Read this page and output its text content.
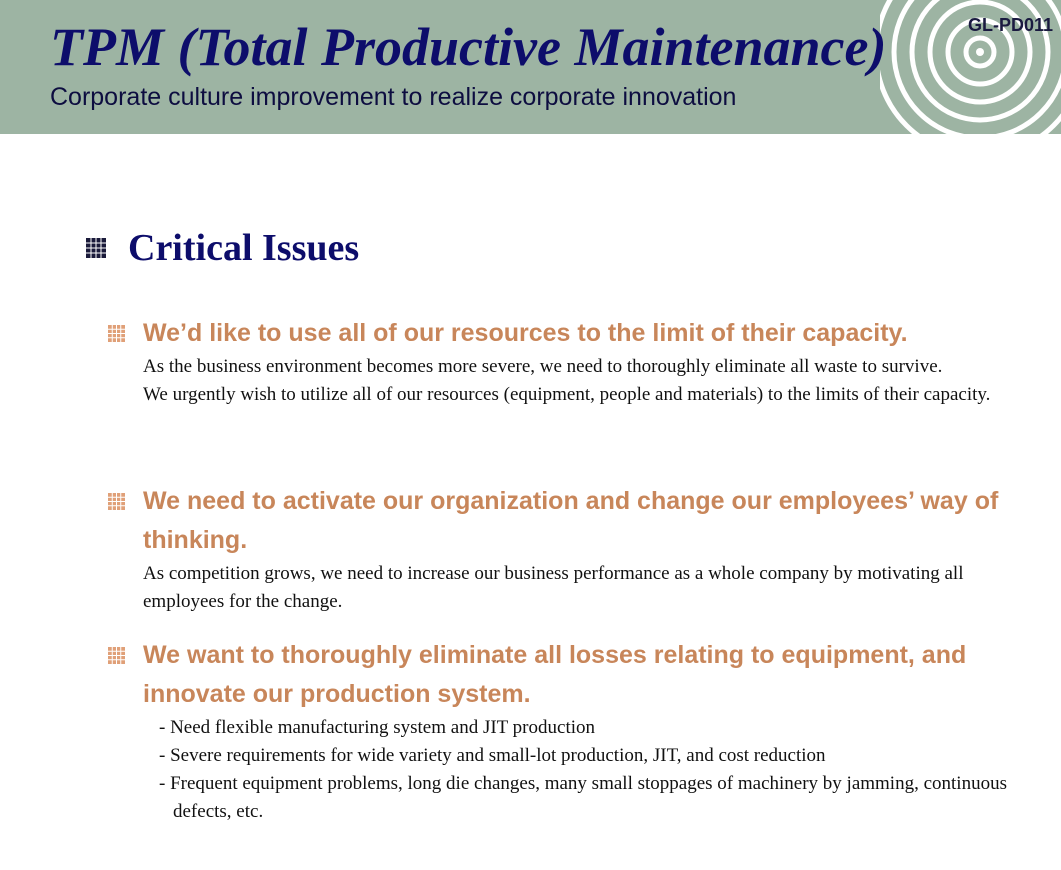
TPM (Total Productive Maintenance)

Corporate culture improvement to realize corporate innovation

GL-PD011
Critical Issues
We’d like to use all of our resources to the limit of their capacity.

As the business environment becomes more severe, we need to thoroughly eliminate all waste to survive.

We urgently wish to utilize all of our resources (equipment, people and materials) to the limits of their capacity.

We need to activate our organization and change our employees’ way of thinking.

As competition grows, we need to increase our business performance as a whole company by motivating all employees for the change.

We want to thoroughly eliminate all losses relating to equipment, and innovate our production system.
- Need flexible manufacturing system and JIT production
- Severe requirements for wide variety and small-lot production, JIT, and cost reduction
- Frequent equipment problems, long die changes, many small stoppages of machinery by jamming, continuous defects, etc.
